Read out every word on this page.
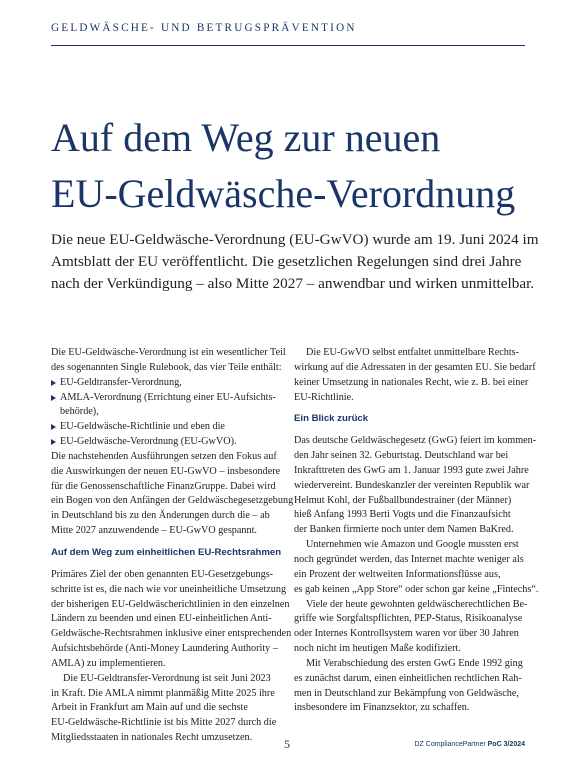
GELDWÄSCHE- UND BETRUGSPRÄVENTION
Auf dem Weg zur neuen
EU-Geldwäsche-Verordnung
Die neue EU-Geldwäsche-Verordnung (EU-GwVO) wurde am 19. Juni 2024 im
Amtsblatt der EU veröffentlicht. Die gesetzlichen Regelungen sind drei Jahre
nach der Verkündigung – also Mitte 2027 – anwendbar und wirken unmittelbar.
Die EU-Geldwäsche-Verordnung ist ein wesentlicher Teil
des sogenannten Single Rulebook, das vier Teile enthält:
EU-Geldtransfer-Verordnung,
AMLA-Verordnung (Errichtung einer EU-Aufsichts-
behörde),
EU-Geldwäsche-Richtlinie und eben die
EU-Geldwäsche-Verordnung (EU-GwVO).
Die nachstehenden Ausführungen setzen den Fokus auf
die Auswirkungen der neuen EU-GwVO – insbesondere
für die Genossenschaftliche FinanzGruppe. Dabei wird
ein Bogen von den Anfängen der Geldwäschegesetzgebung
in Deutschland bis zu den Änderungen durch die – ab
Mitte 2027 anzuwendende – EU-GwVO gespannt.
Auf dem Weg zum einheitlichen EU-Rechtsrahmen
Primäres Ziel der oben genannten EU-Gesetzgebungs-
schritte ist es, die nach wie vor uneinheitliche Umsetzung
der bisherigen EU-Geldwäscherichtlinien in den einzelnen
Ländern zu beenden und einen EU-einheitlichen Anti-
Geldwäsche-Rechtsrahmen inklusive einer entsprechenden
Aufsichtsbehörde (Anti-Money Laundering Authority –
AMLA) zu implementieren.
Die EU-Geldtransfer-Verordnung ist seit Juni 2023
in Kraft. Die AMLA nimmt planmäßig Mitte 2025 ihre
Arbeit in Frankfurt am Main auf und die sechste
EU-Geldwäsche-Richtlinie ist bis Mitte 2027 durch die
Mitgliedsstaaten in nationales Recht umzusetzen.
Die EU-GwVO selbst entfaltet unmittelbare Rechts-
wirkung auf die Adressaten in der gesamten EU. Sie bedarf
keiner Umsetzung in nationales Recht, wie z. B. bei einer
EU-Richtlinie.
Ein Blick zurück
Das deutsche Geldwäschegesetz (GwG) feiert im kommen-
den Jahr seinen 32. Geburtstag. Deutschland war bei
Inkrafttreten des GwG am 1. Januar 1993 gute zwei Jahre
wiedervereint. Bundeskanzler der vereinten Republik war
Helmut Kohl, der Fußballbundestrainer (der Männer)
hieß Anfang 1993 Berti Vogts und die Finanzaufsicht
der Banken firmierte noch unter dem Namen BaKred.
Unternehmen wie Amazon und Google mussten erst
noch gegründet werden, das Internet machte weniger als
ein Prozent der weltweiten Informationsflüsse aus,
es gab keinen „App Store“ oder schon gar keine „Fintechs“.
Viele der heute gewohnten geldwäscherechtlichen Be-
griffe wie Sorgfaltspflichten, PEP-Status, Risikoanalyse
oder Internes Kontrollsystem waren vor über 30 Jahren
noch nicht im heutigen Maße kodifiziert.
Mit Verabschiedung des ersten GwG Ende 1992 ging
es zunächst darum, einen einheitlichen rechtlichen Rah-
men in Deutschland zur Bekämpfung von Geldwäsche,
insbesondere im Finanzsektor, zu schaffen.
5	DZ CompliancePartner PoC 3/2024
